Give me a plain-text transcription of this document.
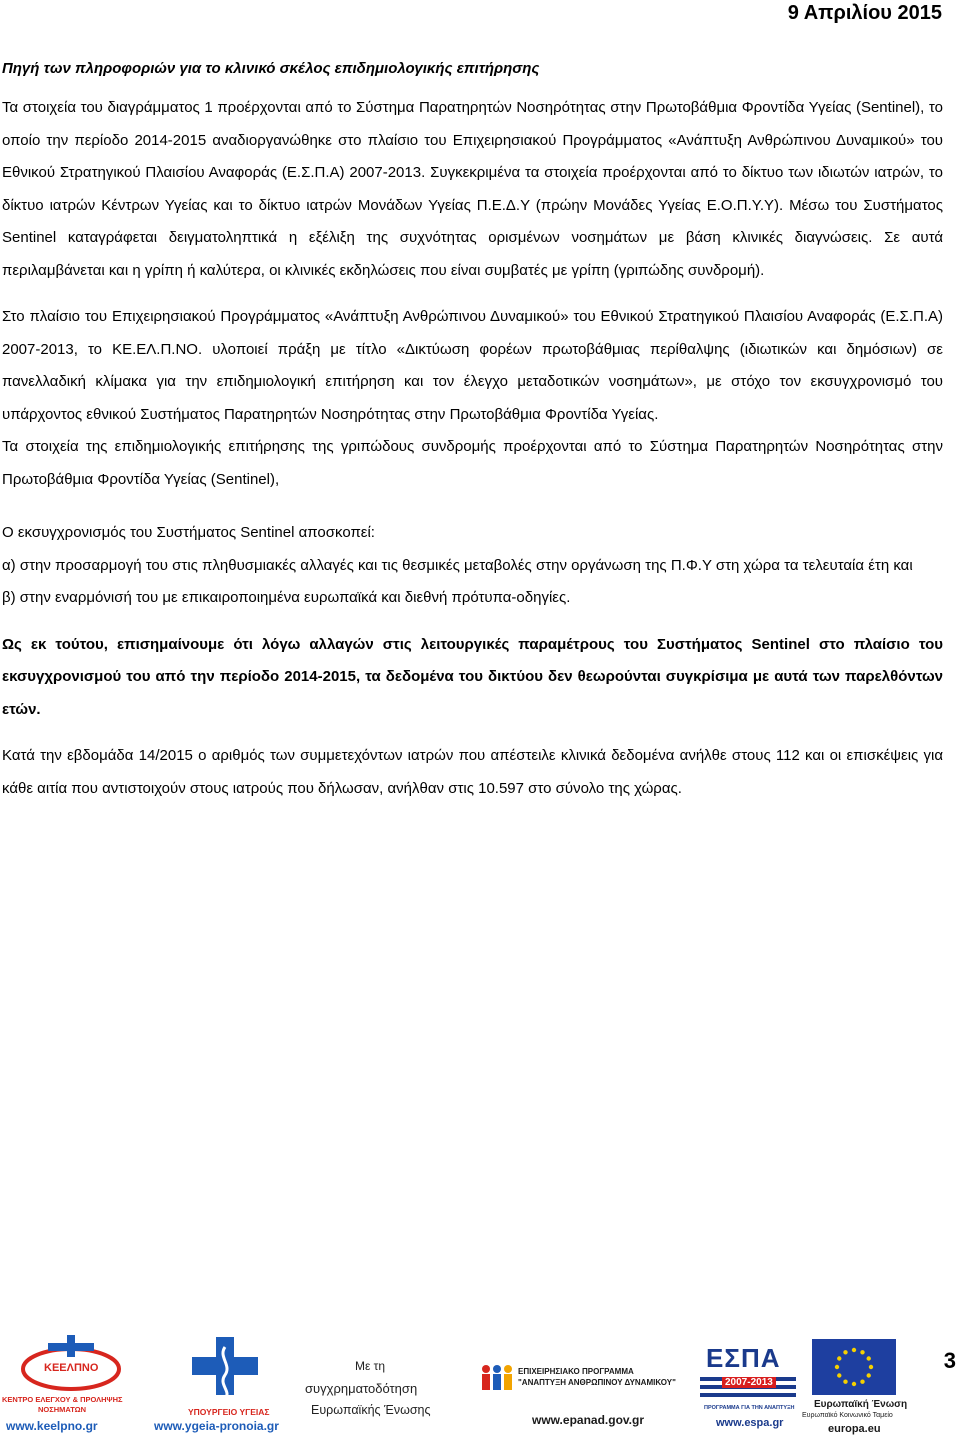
9 Απριλίου 2015
Πηγή των πληροφοριών για το κλινικό σκέλος επιδημιολογικής επιτήρησης

Τα στοιχεία του διαγράμματος 1 προέρχονται από το Σύστημα Παρατηρητών Νοσηρότητας στην Πρωτοβάθμια Φροντίδα Υγείας (Sentinel), το οποίο την περίοδο 2014-2015 αναδιοργανώθηκε στο πλαίσιο του Επιχειρησιακού Προγράμματος «Ανάπτυξη Ανθρώπινου Δυναμικού» του Εθνικού Στρατηγικού Πλαισίου Αναφοράς (Ε.Σ.Π.Α) 2007-2013. Συγκεκριμένα τα στοιχεία προέρχονται από το δίκτυο των ιδιωτών ιατρών, το δίκτυο ιατρών Κέντρων Υγείας και το δίκτυο ιατρών Μονάδων Υγείας Π.Ε.Δ.Υ (πρώην Μονάδες Υγείας Ε.Ο.Π.Υ.Υ). Μέσω του Συστήματος Sentinel καταγράφεται δειγματοληπτικά η εξέλιξη της συχνότητας ορισμένων νοσημάτων με βάση κλινικές διαγνώσεις. Σε αυτά περιλαμβάνεται και η γρίπη ή καλύτερα, οι κλινικές εκδηλώσεις που είναι συμβατές με γρίπη (γριπώδης συνδρομή).

Στο πλαίσιο του Επιχειρησιακού Προγράμματος «Ανάπτυξη Ανθρώπινου Δυναμικού» του Εθνικού Στρατηγικού Πλαισίου Αναφοράς (Ε.Σ.Π.Α) 2007-2013, το ΚΕ.ΕΛ.Π.ΝΟ. υλοποιεί πράξη με τίτλο «Δικτύωση φορέων πρωτοβάθμιας περίθαλψης (ιδιωτικών και δημόσιων) σε πανελλαδική κλίμακα για την επιδημιολογική επιτήρηση και τον έλεγχο μεταδοτικών νοσημάτων», με στόχο τον εκσυγχρονισμό του υπάρχοντος εθνικού Συστήματος Παρατηρητών Νοσηρότητας στην Πρωτοβάθμια Φροντίδα Υγείας.

Τα στοιχεία της επιδημιολογικής επιτήρησης της γριπώδους συνδρομής προέρχονται από το Σύστημα Παρατηρητών Νοσηρότητας στην Πρωτοβάθμια Φροντίδα Υγείας (Sentinel),

Ο εκσυγχρονισμός του Συστήματος Sentinel αποσκοπεί:

α) στην προσαρμογή του στις πληθυσμιακές αλλαγές και τις θεσμικές μεταβολές στην οργάνωση της Π.Φ.Υ στη χώρα τα τελευταία έτη και

β) στην εναρμόνισή του με επικαιροποιημένα ευρωπαϊκά και διεθνή πρότυπα-οδηγίες.

Ως εκ τούτου, επισημαίνουμε ότι λόγω αλλαγών στις λειτουργικές παραμέτρους του Συστήματος Sentinel στο πλαίσιο του εκσυγχρονισμού του από την περίοδο 2014-2015, τα δεδομένα του δικτύου δεν θεωρούνται συγκρίσιμα με αυτά των παρελθόντων ετών.

Κατά την εβδομάδα 14/2015 ο αριθμός των συμμετεχόντων ιατρών που απέστειλε κλινικά δεδομένα ανήλθε στους 112 και οι επισκέψεις για κάθε αιτία που αντιστοιχούν στους ιατρούς που δήλωσαν, ανήλθαν στις 10.597 στο σύνολο της χώρας.

3
ΚΕΕΛΠΝΟ
ΚΕΝΤΡΟ ΕΛΕΓΧΟΥ & ΠΡΟΛΗΨΗΣ
ΝΟΣΗΜΑΤΩΝ
www.keelpno.gr
ΥΠΟΥΡΓΕΙΟ ΥΓΕΙΑΣ
www.ygeia-pronoia.gr
Με τη
συγχρηματοδότηση
Ευρωπαϊκής Ένωσης
ΕΠΙΧΕΙΡΗΣΙΑΚΟ ΠΡΟΓΡΑΜΜΑ
"ΑΝΑΠΤΥΞΗ ΑΝΘΡΩΠΙΝΟΥ ΔΥΝΑΜΙΚΟΥ"
www.epanad.gov.gr
ΕΣΠΑ
2007-2013
ΠΡΟΓΡΑΜΜΑ ΓΙΑ ΤΗΝ ΑΝΑΠΤΥΞΗ
www.espa.gr
Ευρωπαϊκή Ένωση
Ευρωπαϊκό Κοινωνικό Ταμείο
europa.eu
